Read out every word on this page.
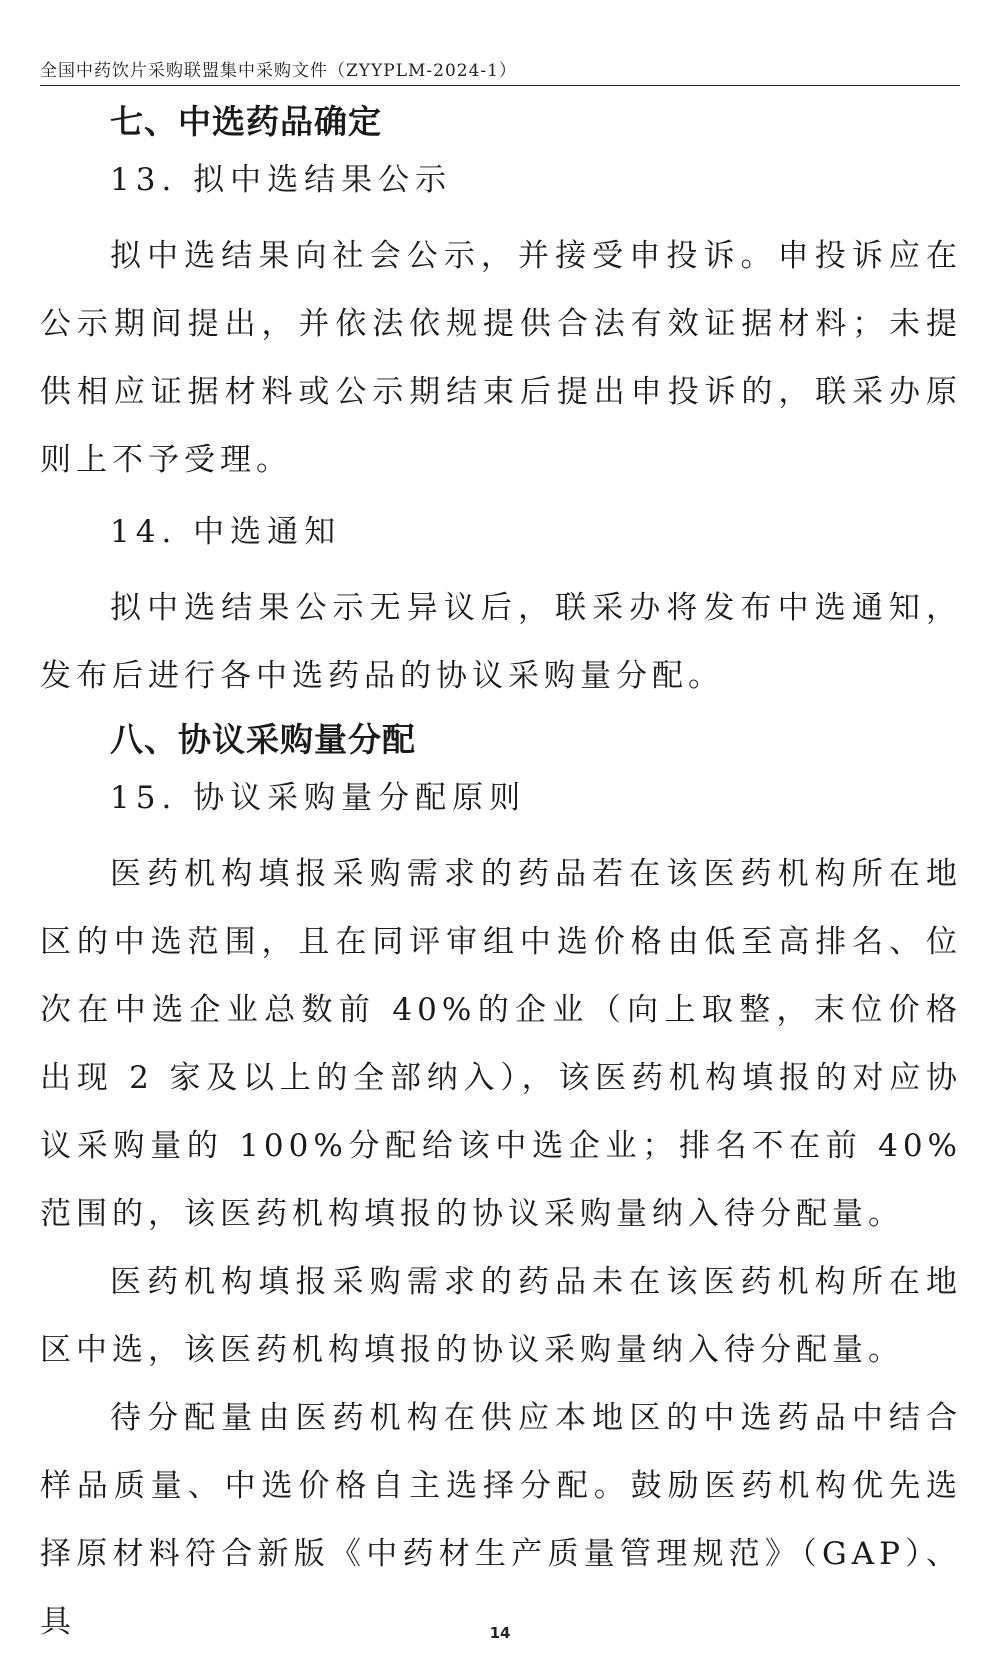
全国中药饮片采购联盟集中采购文件（ZYYPLM-2024-1）
七、中选药品确定
13. 拟中选结果公示

拟中选结果向社会公示，并接受申投诉。申投诉应在公示期间提出，并依法依规提供合法有效证据材料；未提供相应证据材料或公示期结束后提出申投诉的，联采办原则上不予受理。

14. 中选通知

拟中选结果公示无异议后，联采办将发布中选通知，发布后进行各中选药品的协议采购量分配。

八、协议采购量分配
15. 协议采购量分配原则

医药机构填报采购需求的药品若在该医药机构所在地区的中选范围，且在同评审组中选价格由低至高排名、位次在中选企业总数前 40%的企业（向上取整，末位价格出现 2 家及以上的全部纳入），该医药机构填报的对应协议采购量的 100%分配给该中选企业；排名不在前 40%范围的，该医药机构填报的协议采购量纳入待分配量。

医药机构填报采购需求的药品未在该医药机构所在地区中选，该医药机构填报的协议采购量纳入待分配量。

待分配量由医药机构在供应本地区的中选药品中结合样品质量、中选价格自主选择分配。鼓励医药机构优先选择原材料符合新版《中药材生产质量管理规范》（GAP）、具	14
